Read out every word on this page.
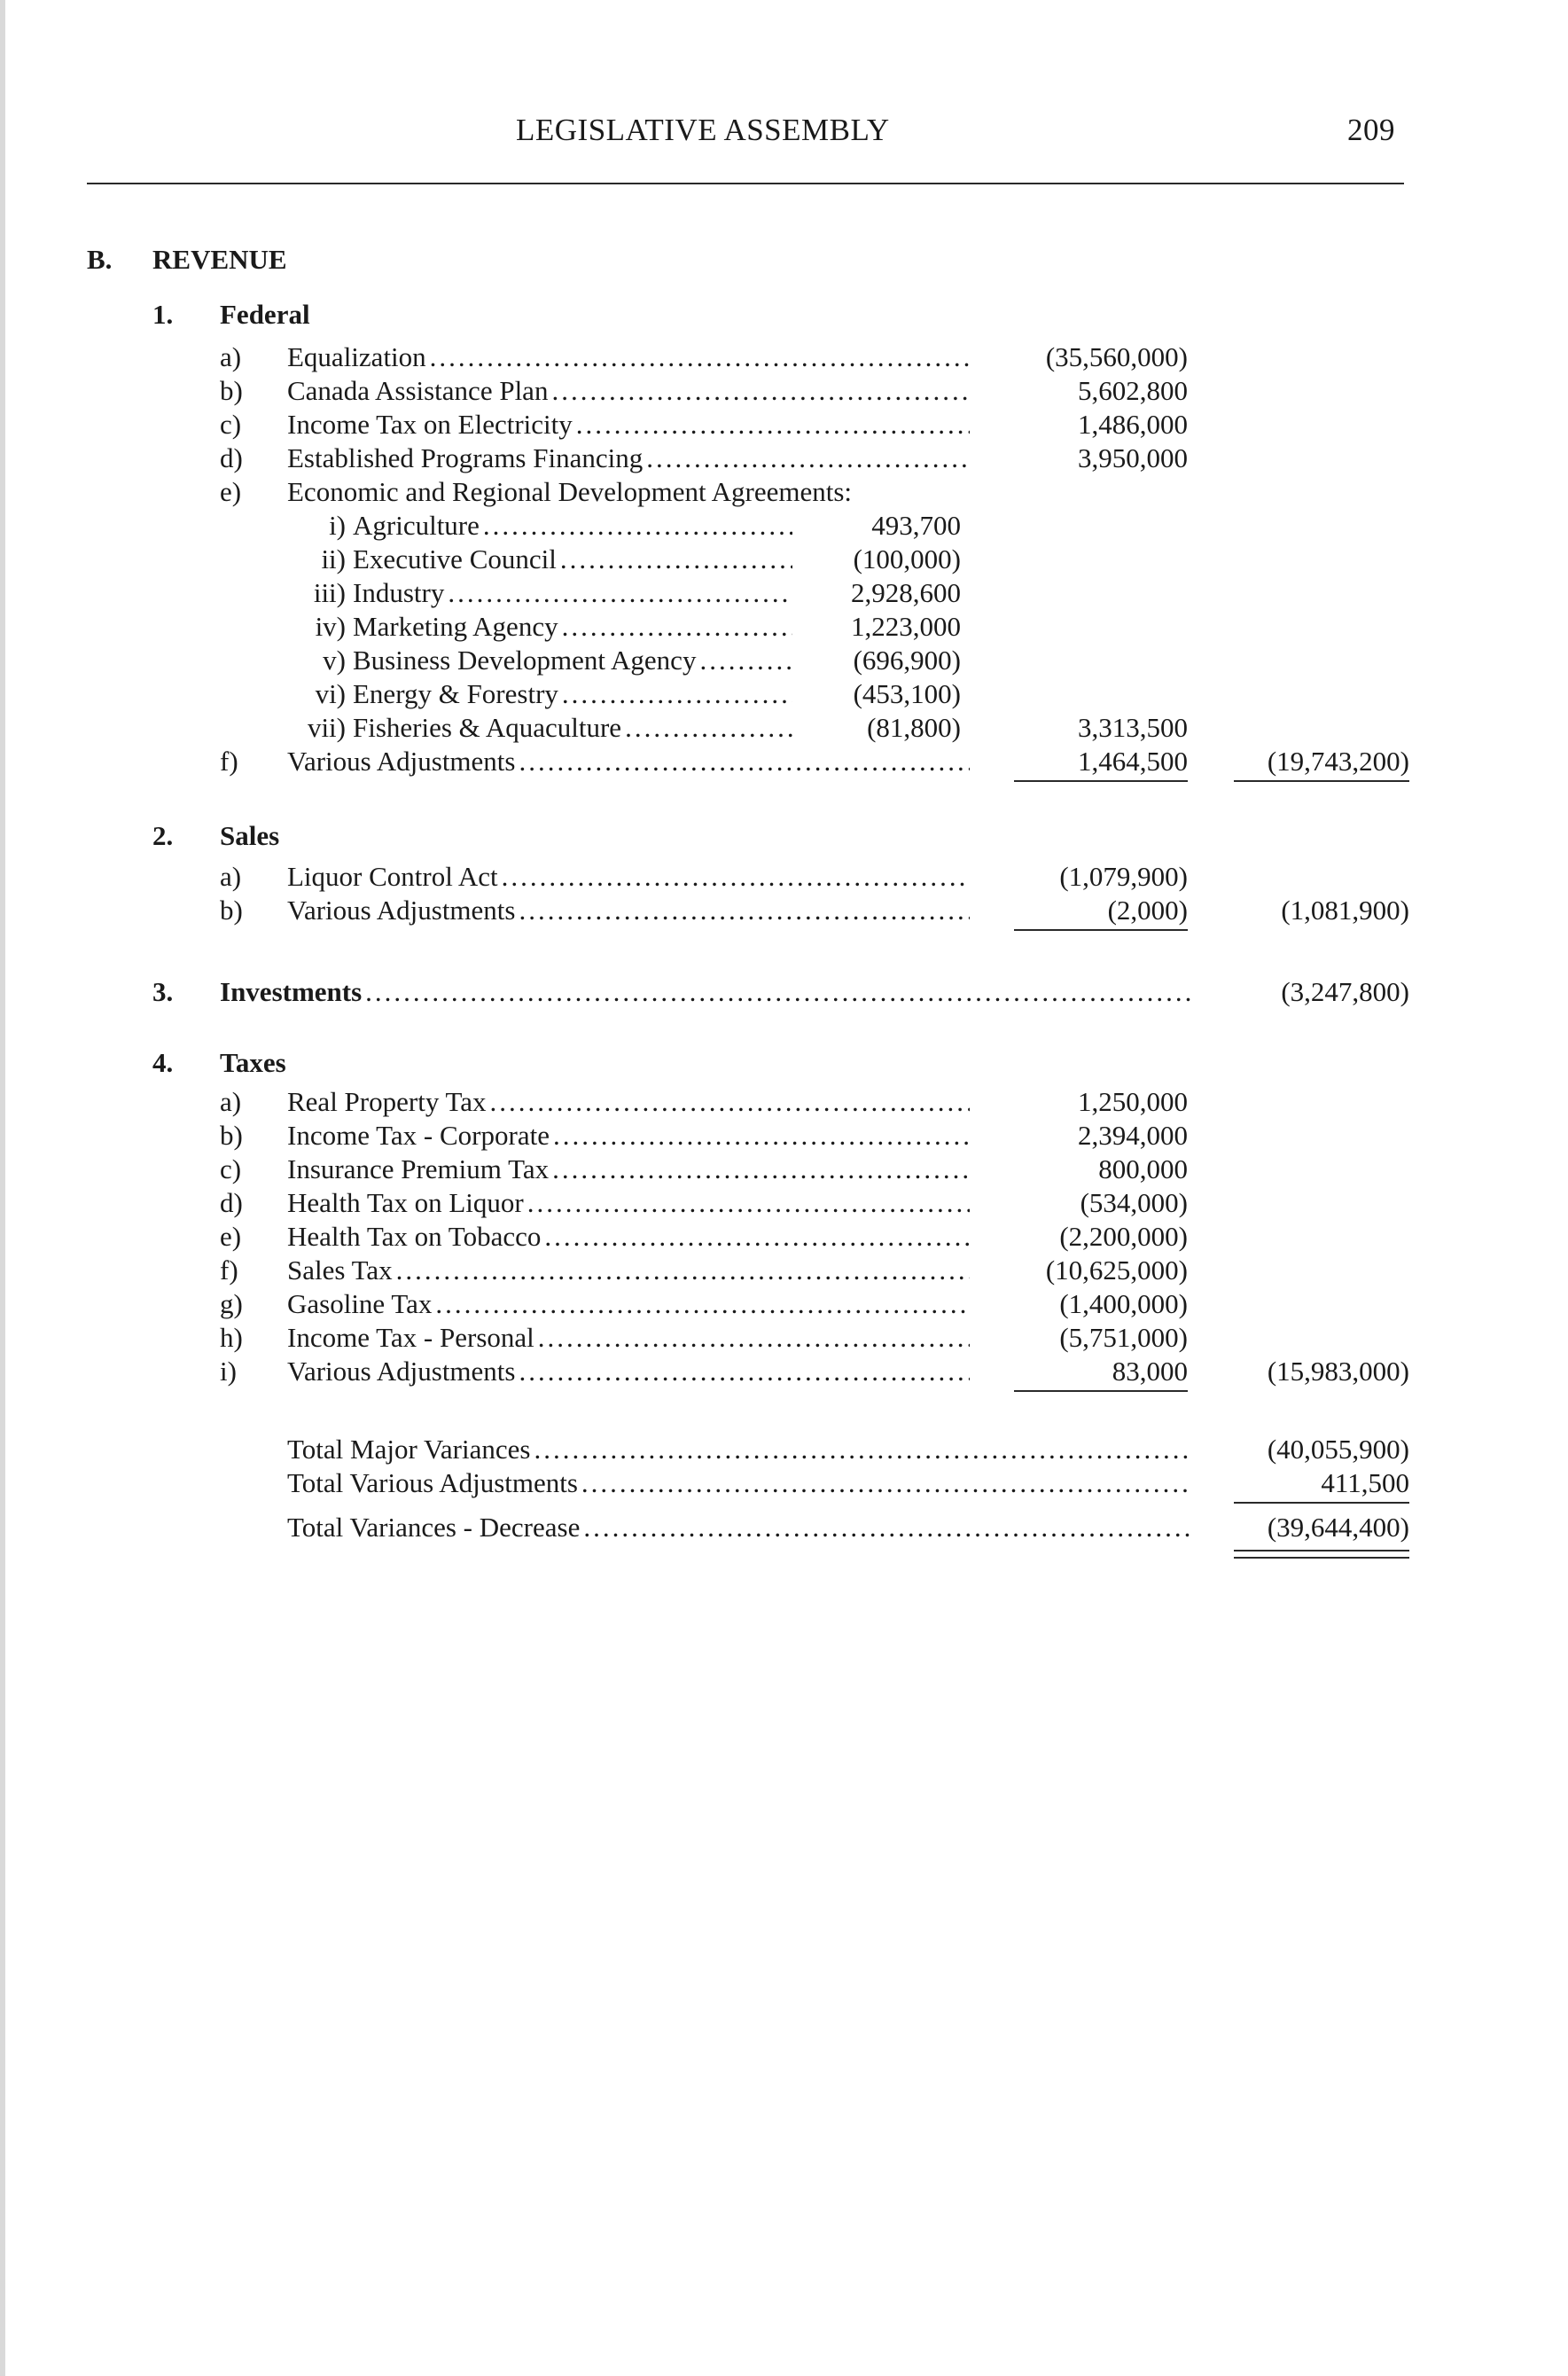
LEGISLATIVE ASSEMBLY	209
B. REVENUE
1. Federal
a) Equalization .....	(35,560,000)
b) Canada Assistance Plan .....	5,602,800
c) Income Tax on Electricity .....	1,486,000
d) Established Programs Financing .....	3,950,000
e) Economic and Regional Development Agreements:
i) Agriculture .....	493,700
ii) Executive Council .....	(100,000)
iii) Industry .....	2,928,600
iv) Marketing Agency .....	1,223,000
v) Business Development Agency .....	(696,900)
vi) Energy & Forestry .....	(453,100)
vii) Fisheries & Aquaculture .....	(81,800)	3,313,500
f) Various Adjustments .....	1,464,500	(19,743,200)
2. Sales
a) Liquor Control Act .....	(1,079,900)
b) Various Adjustments .....	(2,000)	(1,081,900)
3. Investments .....	(3,247,800)
4. Taxes
a) Real Property Tax .....	1,250,000
b) Income Tax - Corporate .....	2,394,000
c) Insurance Premium Tax .....	800,000
d) Health Tax on Liquor .....	(534,000)
e) Health Tax on Tobacco .....	(2,200,000)
f) Sales Tax .....	(10,625,000)
g) Gasoline Tax .....	(1,400,000)
h) Income Tax - Personal .....	(5,751,000)
i) Various Adjustments .....	83,000	(15,983,000)
Total Major Variances .....	(40,055,900)
Total Various Adjustments .....	411,500
Total Variances - Decrease .....	(39,644,400)
